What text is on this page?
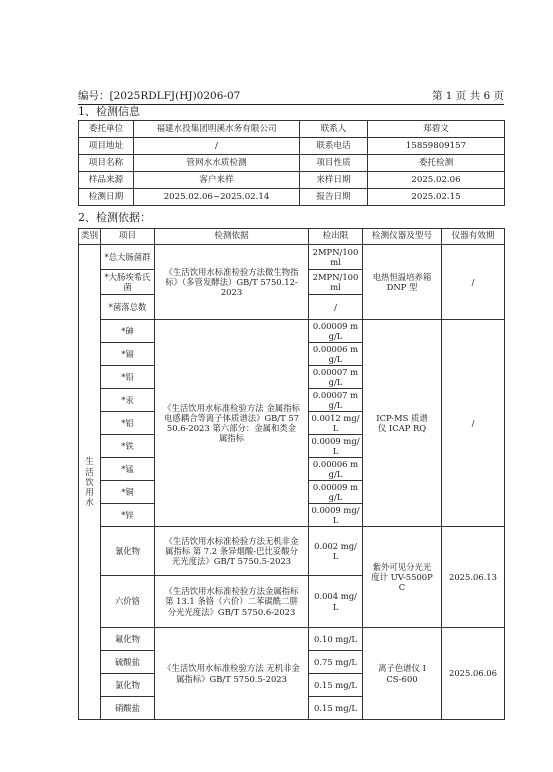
编号：[2025RDLFJ(HJ)0206-07	第 1 页 共 6 页
1、检测信息
委托单位	福建水投集团明溪水务有限公司	联系人	郑碧文
项目地址	/	联系电话	15859809157
项目名称	管网水水质检测	项目性质	委托检测
样品来源	客户来样	来样日期	2025.02.06
检测日期	2025.02.06~2025.02.14	报告日期	2025.02.15
2、检测依据：
类别	项目	检测依据	检出限	检测仪器及型号	仪器有效期
生活饮用水	*总大肠菌群	《生活饮用水标准检验方法微生物指标》（多管发酵法）GB/T 5750.12-2023	2MPN/100ml	电热恒温培养箱 DNP 型	/
	*大肠埃希氏菌		2MPN/100ml		
	*菌落总数		/		
	*砷	《生活饮用水标准检验方法 金属指标 电感耦合等离子体质谱法》GB/T 5750.6-2023 第六部分：金属和类金属指标	0.00009 mg/L	ICP-MS 质谱仪 ICAP RQ	/
	*镉		0.00006 mg/L		
	*铅		0.00007 mg/L		
	*汞		0.00007 mg/L		
	*铝		0.0012 mg/L		
	*铁		0.0009 mg/L		
	*锰		0.00006 mg/L		
	*铜		0.00009 mg/L		
	*锌		0.0009 mg/L		
	氰化物	《生活饮用水标准检验方法无机非金属指标 第 7.2 条异烟酸-巴比妥酸分光光度法》GB/T 5750.5-2023	0.002 mg/L	紫外可见分光光度计 UV-5500PC	2025.06.13
	六价铬	《生活饮用水标准检验方法金属指标第 13.1 条铬（六价）二苯碳酰二肼分光光度法》GB/T 5750.6-2023	0.004 mg/L		
	氟化物	《生活饮用水标准检验方法 无机非金属指标》GB/T 5750.5-2023	0.10 mg/L	离子色谱仪 ICS-600	2025.06.06
	硫酸盐		0.75 mg/L		
	氯化物		0.15 mg/L		
	硝酸盐		0.15 mg/L		
